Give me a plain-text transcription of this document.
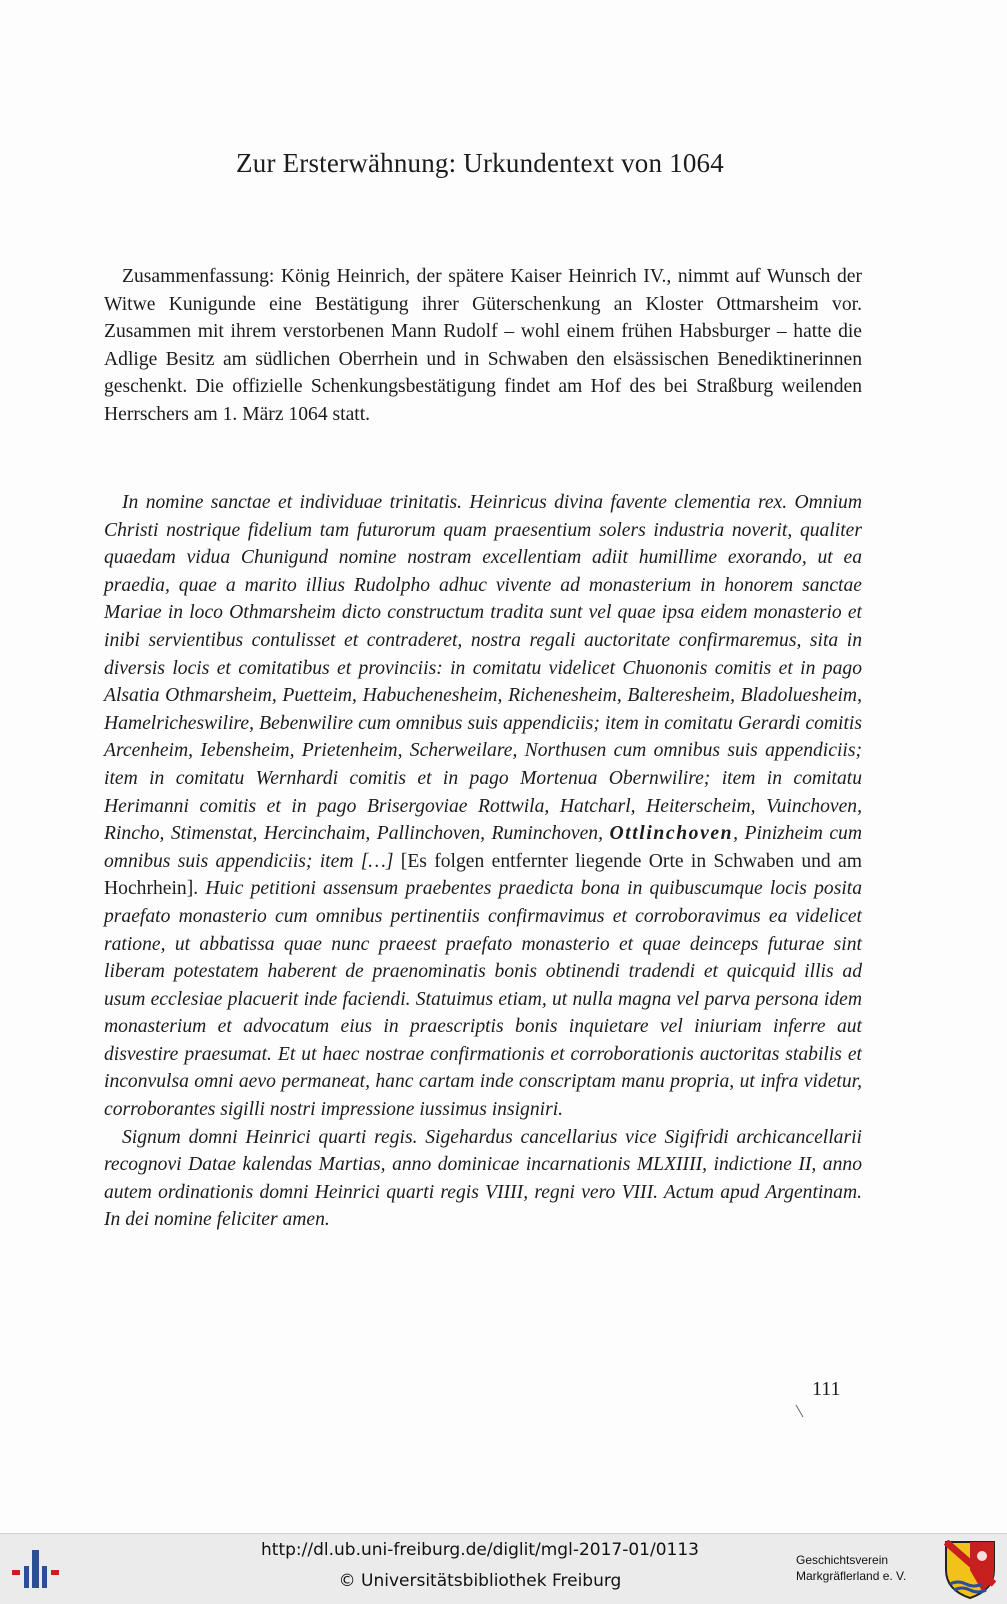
Zur Ersterwähnung: Urkundentext von 1064

Zusammenfassung: König Heinrich, der spätere Kaiser Heinrich IV., nimmt auf Wunsch der Witwe Kunigunde eine Bestätigung ihrer Güterschenkung an Kloster Ottmarsheim vor. Zusammen mit ihrem verstorbenen Mann Rudolf – wohl einem frühen Habsburger – hatte die Adlige Besitz am südlichen Oberrhein und in Schwaben den elsässischen Benediktinerinnen geschenkt. Die offizielle Schenkungsbestätigung findet am Hof des bei Straßburg weilenden Herrschers am 1. März 1064 statt.

In nomine sanctae et individuae trinitatis. Heinricus divina favente clementia rex. Omnium Christi nostrique fidelium tam futurorum quam praesentium solers industria noverit, qualiter quaedam vidua Chunigund nomine nostram excellentiam adiit humillime exorando, ut ea praedia, quae a marito illius Rudolpho adhuc vivente ad monasterium in honorem sanctae Mariae in loco Othmarsheim dicto constructum tradita sunt vel quae ipsa eidem monasterio et inibi servientibus contulisset et contraderet, nostra regali auctoritate confirmaremus, sita in diversis locis et comitatibus et provinciis: in comitatu videlicet Chuononis comitis et in pago Alsatia Othmarsheim, Puetteim, Habuchenesheim, Richenesheim, Balteresheim, Bladoluesheim, Hamelricheswilire, Bebenwilire cum omnibus suis appendiciis; item in comitatu Gerardi comitis Arcenheim, Iebensheim, Prietenheim, Scherweilare, Northusen cum omnibus suis appendiciis; item in comitatu Wernhardi comitis et in pago Mortenua Obernwilire; item in comitatu Herimanni comitis et in pago Brisergoviae Rottwila, Hatcharl, Heiterscheim, Vuinchoven, Rincho, Stimenstat, Hercinchaim, Pallinchoven, Ruminchoven, Ottlinchoven, Pinizheim cum omnibus suis appendiciis; item […] [Es folgen entfernter liegende Orte in Schwaben und am Hochrhein]. Huic petitioni assensum praebentes praedicta bona in quibuscumque locis posita praefato monasterio cum omnibus pertinentiis confirmavimus et corroboravimus ea videlicet ratione, ut abbatissa quae nunc praeest praefato monasterio et quae deinceps futurae sint liberam potestatem haberent de praenominatis bonis obtinendi tradendi et quicquid illis ad usum ecclesiae placuerit inde faciendi. Statuimus etiam, ut nulla magna vel parva persona idem monasterium et advocatum eius in praescriptis bonis inquietare vel iniuriam inferre aut disvestire praesumat. Et ut haec nostrae confirmationis et corroborationis auctoritas stabilis et inconvulsa omni aevo permaneat, hanc cartam inde conscriptam manu propria, ut infra videtur, corroborantes sigilli nostri impressione iussimus insigniri.

Signum domni Heinrici quarti regis. Sigehardus cancellarius vice Sigifridi archicancellarii recognovi Datae kalendas Martias, anno dominicae incarnationis MLXIIII, indictione II, anno autem ordinationis domni Heinrici quarti regis VIIII, regni vero VIII. Actum apud Argentinam. In dei nomine feliciter amen.

111

http://dl.ub.uni-freiburg.de/diglit/mgl-2017-01/0113
© Universitätsbibliothek Freiburg
Geschichtsverein
Markgräflerland e. V.
